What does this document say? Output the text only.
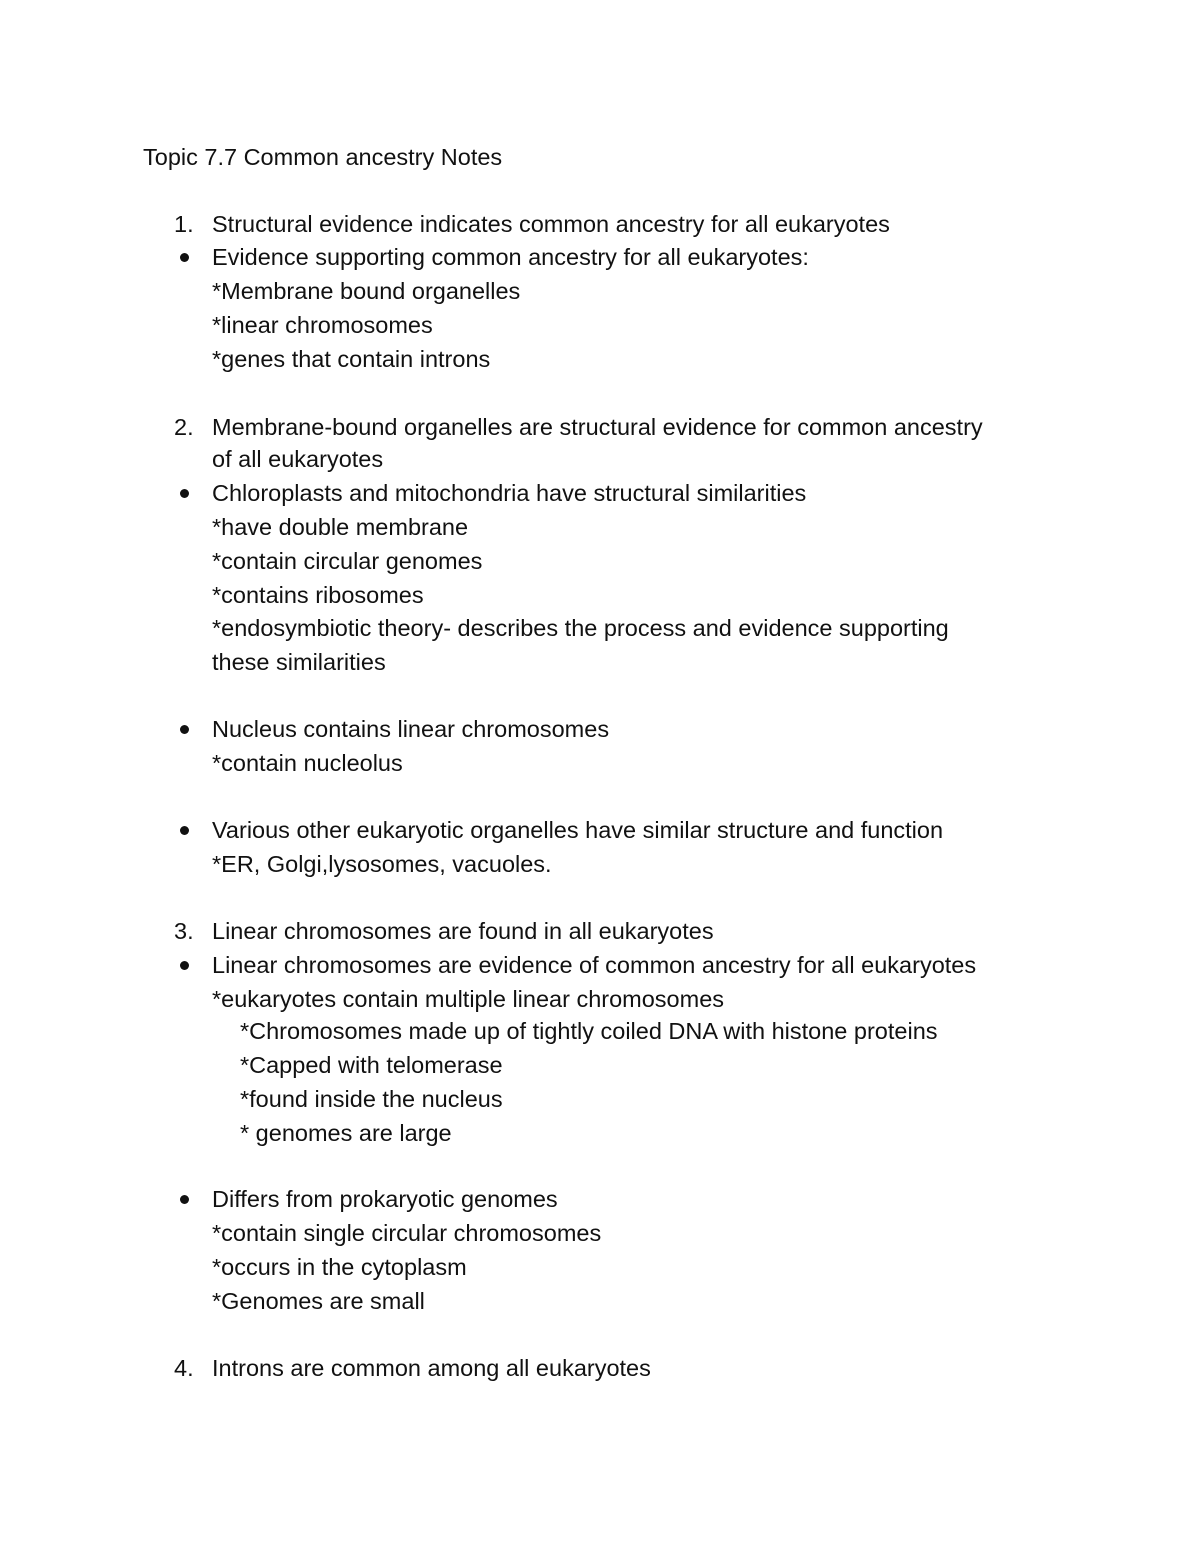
Topic 7.7 Common ancestry Notes
1. Structural evidence indicates common ancestry for all eukaryotes
Evidence supporting common ancestry for all eukaryotes:
*Membrane bound organelles
*linear chromosomes
*genes that contain introns
2. Membrane-bound organelles are structural evidence for common ancestry
of all eukaryotes
Chloroplasts and mitochondria have structural similarities
*have double membrane
*contain circular genomes
*contains ribosomes
*endosymbiotic theory- describes the process and evidence supporting
these similarities
Nucleus contains linear chromosomes
*contain nucleolus
Various other eukaryotic organelles have similar structure and function
*ER, Golgi,lysosomes, vacuoles.
3. Linear chromosomes are found in all eukaryotes
Linear chromosomes are evidence of common ancestry for all eukaryotes
*eukaryotes contain multiple linear chromosomes
*Chromosomes made up of tightly coiled DNA with histone proteins
*Capped with telomerase
*found inside the nucleus
* genomes are large
Differs from prokaryotic genomes
*contain single circular chromosomes
*occurs in the cytoplasm
*Genomes are small
4. Introns are common among all eukaryotes
